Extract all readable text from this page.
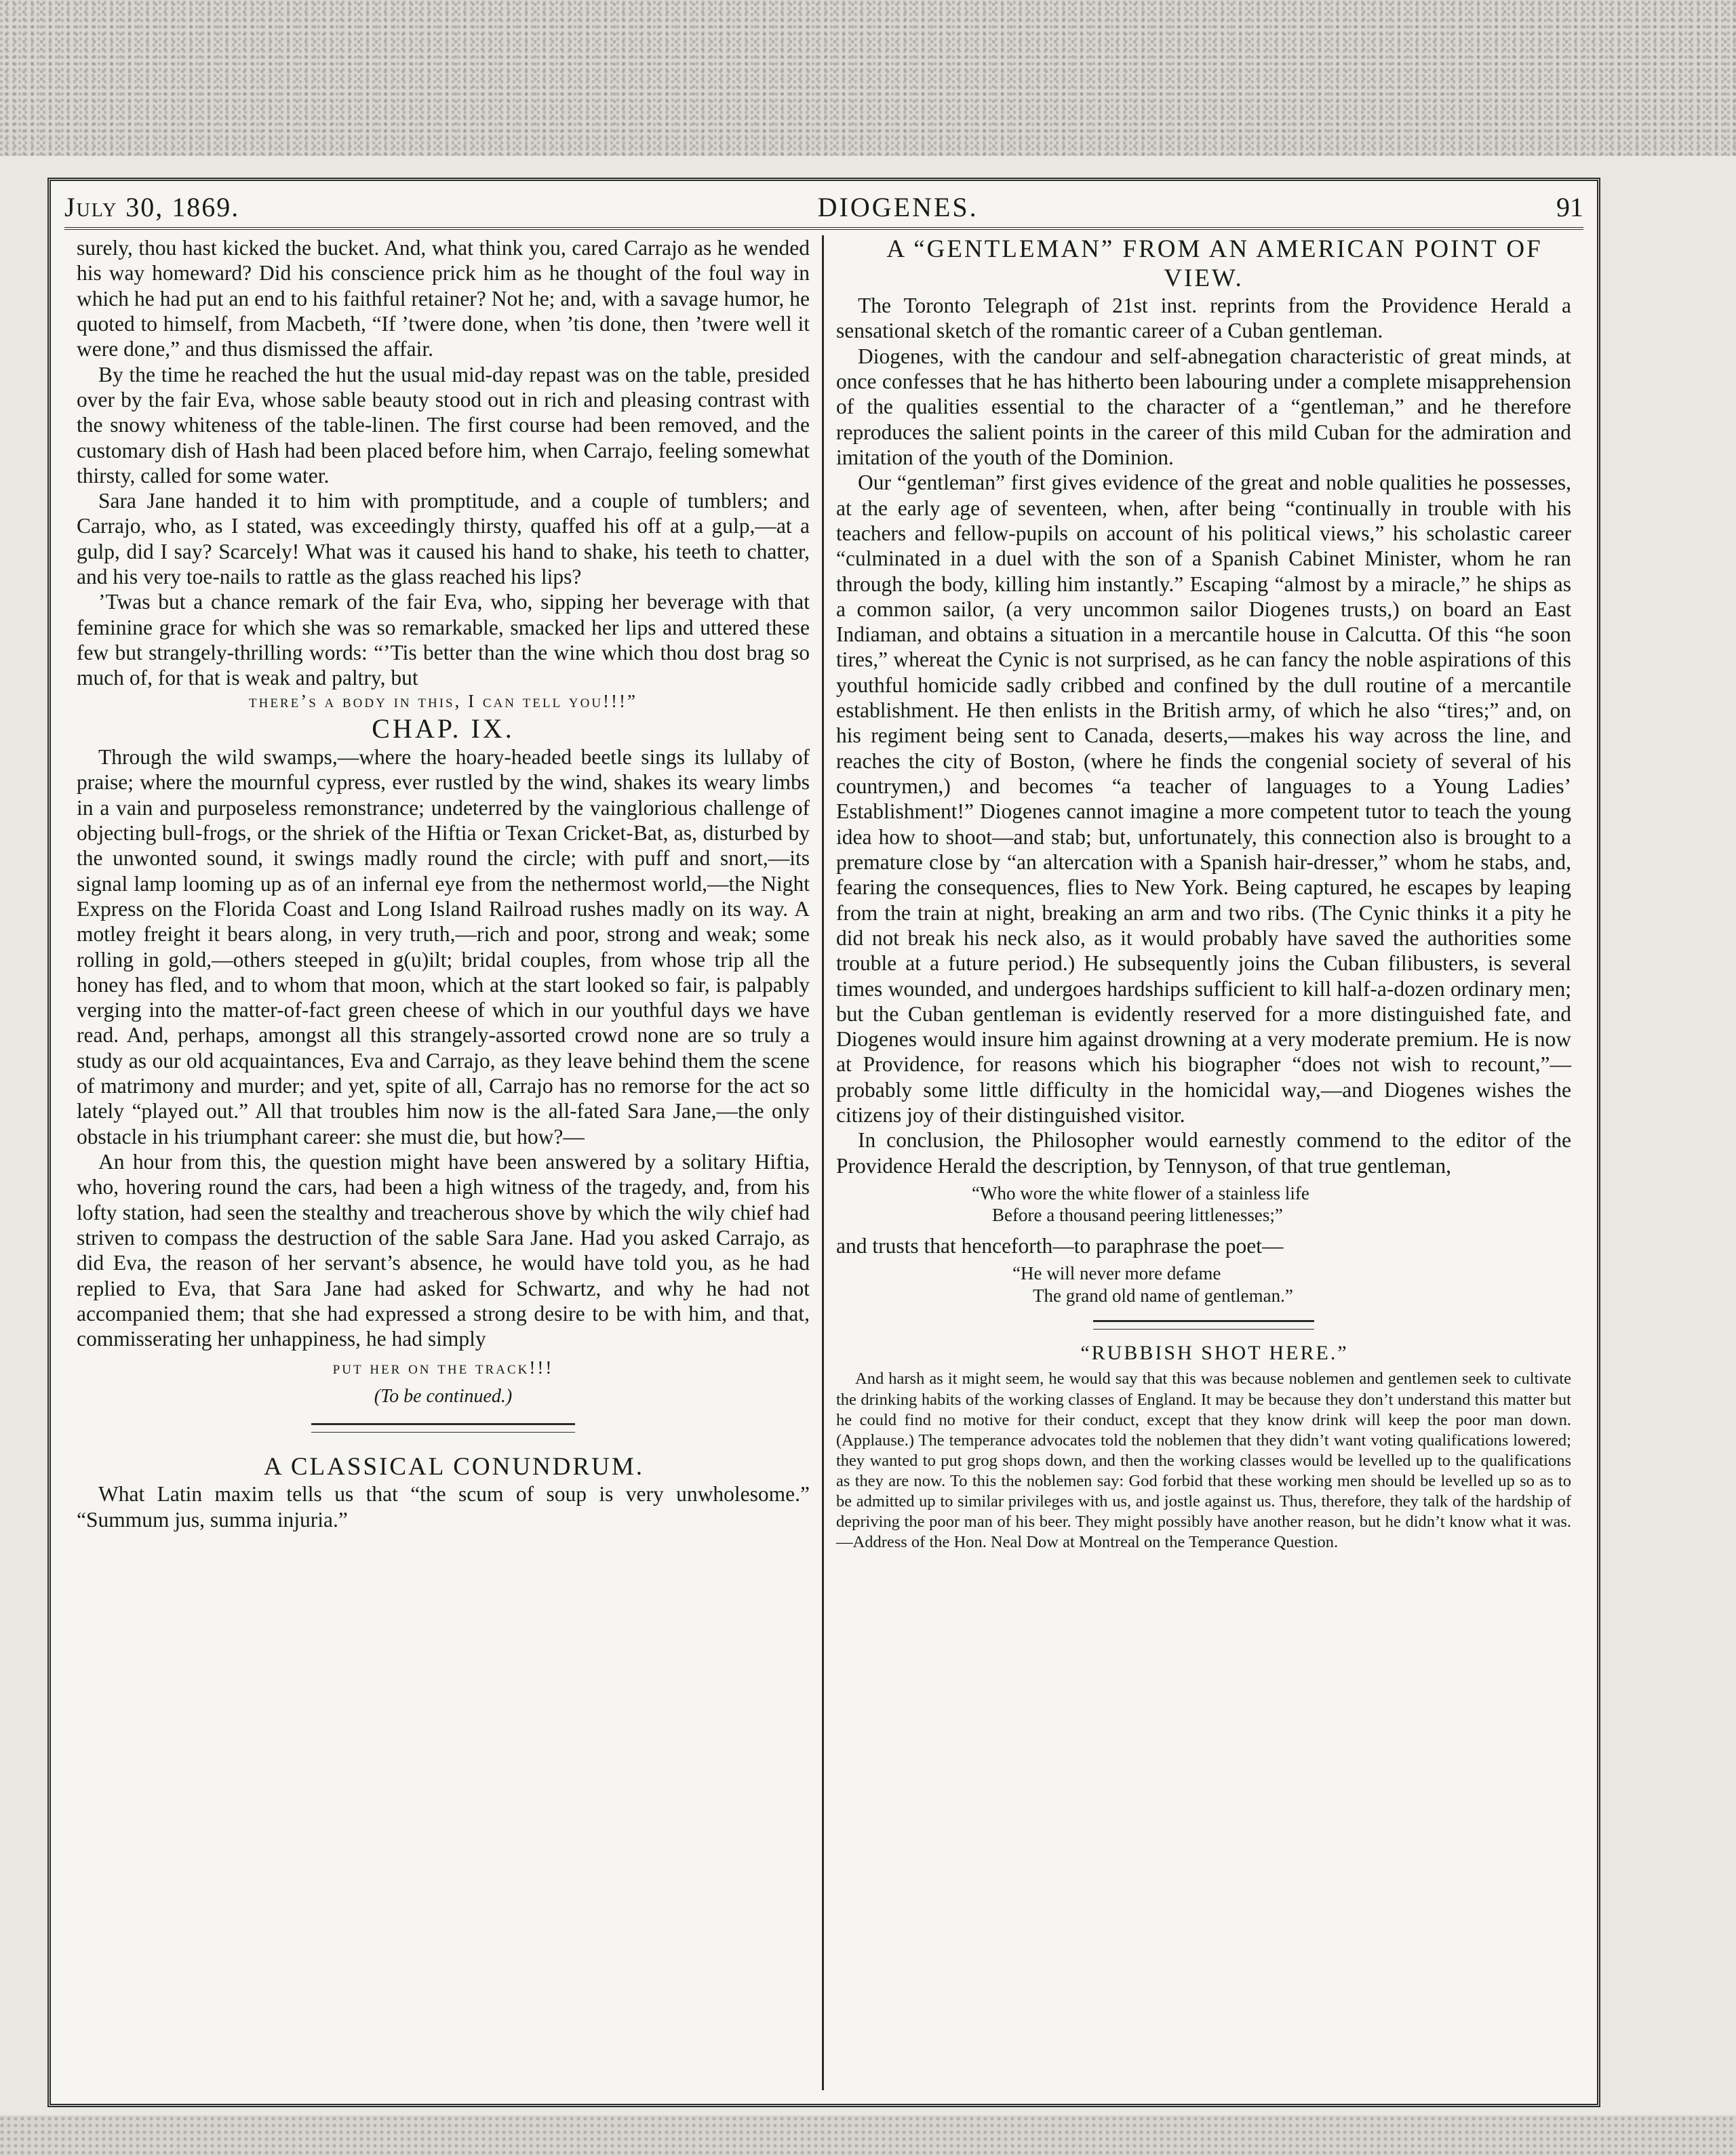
July 30, 1869.	DIOGENES.	91

surely, thou hast kicked the bucket. And, what think you, cared Carrajo as he wended his way homeward? Did his conscience prick him as he thought of the foul way in which he had put an end to his faithful retainer? Not he; and, with a savage humor, he quoted to himself, from Macbeth, “If ’twere done, when ’tis done, then ’twere well it were done,” and thus dismissed the affair.

By the time he reached the hut the usual mid-day repast was on the table, presided over by the fair Eva, whose sable beauty stood out in rich and pleasing contrast with the snowy whiteness of the table-linen. The first course had been removed, and the customary dish of Hash had been placed before him, when Carrajo, feeling somewhat thirsty, called for some water.

Sara Jane handed it to him with promptitude, and a couple of tumblers; and Carrajo, who, as I stated, was exceedingly thirsty, quaffed his off at a gulp,—at a gulp, did I say? Scarcely! What was it caused his hand to shake, his teeth to chatter, and his very toe-nails to rattle as the glass reached his lips?

’Twas but a chance remark of the fair Eva, who, sipping her beverage with that feminine grace for which she was so remarkable, smacked her lips and uttered these few but strangely-thrilling words: “’Tis better than the wine which thou dost brag so much of, for that is weak and paltry, but

there’s a body in this, I can tell you!!!”

CHAP. IX.

Through the wild swamps,—where the hoary-headed beetle sings its lullaby of praise; where the mournful cypress, ever rustled by the wind, shakes its weary limbs in a vain and purposeless remonstrance; undeterred by the vainglorious challenge of objecting bull-frogs, or the shriek of the Hiftia or Texan Cricket-Bat, as, disturbed by the unwonted sound, it swings madly round the circle; with puff and snort,—its signal lamp looming up as of an infernal eye from the nethermost world,—the Night Express on the Florida Coast and Long Island Railroad rushes madly on its way. A motley freight it bears along, in very truth,—rich and poor, strong and weak; some rolling in gold,—others steeped in g(u)ilt; bridal couples, from whose trip all the honey has fled, and to whom that moon, which at the start looked so fair, is palpably verging into the matter-of-fact green cheese of which in our youthful days we have read. And, perhaps, amongst all this strangely-assorted crowd none are so truly a study as our old acquaintances, Eva and Carrajo, as they leave behind them the scene of matrimony and murder; and yet, spite of all, Carrajo has no remorse for the act so lately “played out.” All that troubles him now is the all-fated Sara Jane,—the only obstacle in his triumphant career: she must die, but how?—

An hour from this, the question might have been answered by a solitary Hiftia, who, hovering round the cars, had been a high witness of the tragedy, and, from his lofty station, had seen the stealthy and treacherous shove by which the wily chief had striven to compass the destruction of the sable Sara Jane. Had you asked Carrajo, as did Eva, the reason of her servant’s absence, he would have told you, as he had replied to Eva, that Sara Jane had asked for Schwartz, and why he had not accompanied them; that she had expressed a strong desire to be with him, and that, commisserating her unhappiness, he had simply

put her on the track!!!

(To be continued.)

A CLASSICAL CONUNDRUM.

What Latin maxim tells us that “the scum of soup is very unwholesome.” “Summum jus, summa injuria.”

A “GENTLEMAN” FROM AN AMERICAN POINT OF VIEW.

The Toronto Telegraph of 21st inst. reprints from the Providence Herald a sensational sketch of the romantic career of a Cuban gentleman.

Diogenes, with the candour and self-abnegation characteristic of great minds, at once confesses that he has hitherto been labouring under a complete misapprehension of the qualities essential to the character of a “gentleman,” and he therefore reproduces the salient points in the career of this mild Cuban for the admiration and imitation of the youth of the Dominion.

Our “gentleman” first gives evidence of the great and noble qualities he possesses, at the early age of seventeen, when, after being “continually in trouble with his teachers and fellow-pupils on account of his political views,” his scholastic career “culminated in a duel with the son of a Spanish Cabinet Minister, whom he ran through the body, killing him instantly.” Escaping “almost by a miracle,” he ships as a common sailor, (a very uncommon sailor Diogenes trusts,) on board an East Indiaman, and obtains a situation in a mercantile house in Calcutta. Of this “he soon tires,” whereat the Cynic is not surprised, as he can fancy the noble aspirations of this youthful homicide sadly cribbed and confined by the dull routine of a mercantile establishment. He then enlists in the British army, of which he also “tires;” and, on his regiment being sent to Canada, deserts,—makes his way across the line, and reaches the city of Boston, (where he finds the congenial society of several of his countrymen,) and becomes “a teacher of languages to a Young Ladies’ Establishment!” Diogenes cannot imagine a more competent tutor to teach the young idea how to shoot—and stab; but, unfortunately, this connection also is brought to a premature close by “an altercation with a Spanish hair-dresser,” whom he stabs, and, fearing the consequences, flies to New York. Being captured, he escapes by leaping from the train at night, breaking an arm and two ribs. (The Cynic thinks it a pity he did not break his neck also, as it would probably have saved the authorities some trouble at a future period.) He subsequently joins the Cuban filibusters, is several times wounded, and undergoes hardships sufficient to kill half-a-dozen ordinary men; but the Cuban gentleman is evidently reserved for a more distinguished fate, and Diogenes would insure him against drowning at a very moderate premium. He is now at Providence, for reasons which his biographer “does not wish to recount,”—probably some little difficulty in the homicidal way,—and Diogenes wishes the citizens joy of their distinguished visitor.

In conclusion, the Philosopher would earnestly commend to the editor of the Providence Herald the description, by Tennyson, of that true gentleman,

“Who wore the white flower of a stainless life
Before a thousand peering littlenesses;”

and trusts that henceforth—to paraphrase the poet—

“He will never more defame
The grand old name of gentleman.”

“RUBBISH SHOT HERE.”

And harsh as it might seem, he would say that this was because noblemen and gentlemen seek to cultivate the drinking habits of the working classes of England. It may be because they don’t understand this matter but he could find no motive for their conduct, except that they know drink will keep the poor man down. (Applause.) The temperance advocates told the noblemen that they didn’t want voting qualifications lowered; they wanted to put grog shops down, and then the working classes would be levelled up to the qualifications as they are now. To this the noblemen say: God forbid that these working men should be levelled up so as to be admitted up to similar privileges with us, and jostle against us. Thus, therefore, they talk of the hardship of depriving the poor man of his beer. They might possibly have another reason, but he didn’t know what it was.—Address of the Hon. Neal Dow at Montreal on the Temperance Question.
